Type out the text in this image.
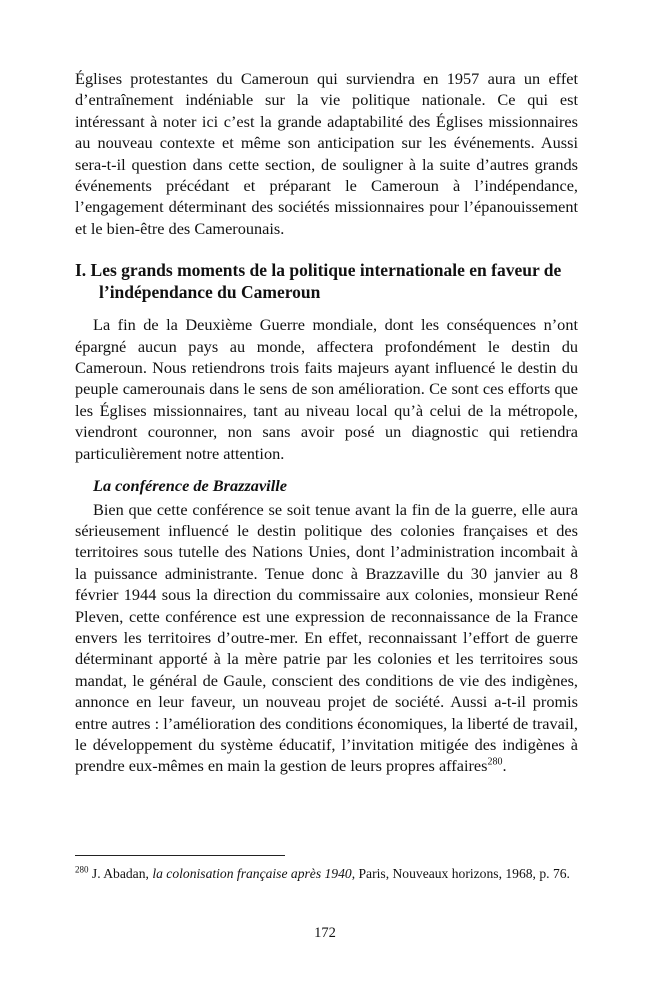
Églises protestantes du Cameroun qui surviendra en 1957 aura un effet d’entraînement indéniable sur la vie politique nationale. Ce qui est intéressant à noter ici c’est la grande adaptabilité des Églises missionnaires au nouveau contexte et même son anticipation sur les événements. Aussi sera-t-il question dans cette section, de souligner à la suite d’autres grands événements précédant et préparant le Cameroun à l’indépendance, l’engagement déterminant des sociétés missionnaires pour l’épanouissement et le bien-être des Camerounais.

I. Les grands moments de la politique internationale en faveur de l’indépendance du Cameroun

La fin de la Deuxième Guerre mondiale, dont les conséquences n’ont épargné aucun pays au monde, affectera profondément le destin du Cameroun. Nous retiendrons trois faits majeurs ayant influencé le destin du peuple camerounais dans le sens de son amélioration. Ce sont ces efforts que les Églises missionnaires, tant au niveau local qu’à celui de la métropole, viendront couronner, non sans avoir posé un diagnostic qui retiendra particulièrement notre attention.

La conférence de Brazzaville

Bien que cette conférence se soit tenue avant la fin de la guerre, elle aura sérieusement influencé le destin politique des colonies françaises et des territoires sous tutelle des Nations Unies, dont l’administration incombait à la puissance administrante. Tenue donc à Brazzaville du 30 janvier au 8 février 1944 sous la direction du commissaire aux colonies, monsieur René Pleven, cette conférence est une expression de reconnaissance de la France envers les territoires d’outre-mer. En effet, reconnaissant l’effort de guerre déterminant apporté à la mère patrie par les colonies et les territoires sous mandat, le général de Gaule, conscient des conditions de vie des indigènes, annonce en leur faveur, un nouveau projet de société. Aussi a-t-il promis entre autres : l’amélioration des conditions économiques, la liberté de travail, le développement du système éducatif, l’invitation mitigée des indigènes à prendre eux-mêmes en main la gestion de leurs propres affaires$^{280}$.

$^{280}$ J. Abadan, la colonisation française après 1940, Paris, Nouveaux horizons, 1968, p. 76.
172
